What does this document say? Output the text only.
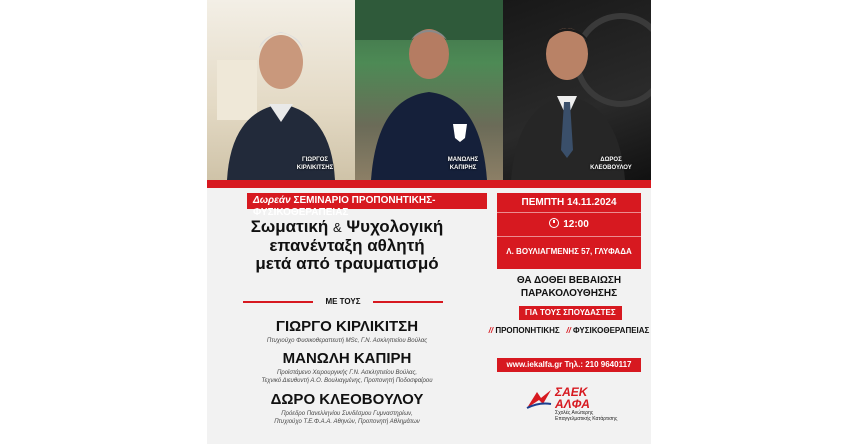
ΓΙΩΡΓΟΣ
ΚΙΡΛΙΚΙΤΣΗΣ
ΜΑΝΩΛΗΣ
ΚΑΠΙΡΗΣ
ΔΩΡΟΣ
ΚΛΕΟΒΟΥΛΟΥ
Δωρεάν ΣΕΜΙΝΑΡΙΟ ΠΡΟΠΟΝΗΤΙΚΗΣ-ΦΥΣΙΚΟΘΕΡΑΠΕΙΑΣ
Σωματική & Ψυχολογική
επανένταξη αθλητή
μετά από τραυματισμό
ΜΕ ΤΟΥΣ
ΓΙΩΡΓΟ ΚΙΡΛΙΚΙΤΣΗ
Πτυχιούχο Φυσικοθεραπευτή MSc, Γ.Ν. Ασκληπιείου Βούλας
ΜΑΝΩΛΗ ΚΑΠΙΡΗ
Προϊστάμενο Χειρουργικής Γ.Ν. Ασκληπιείου Βούλας,
Τεχνικό Διευθυντή Α.Ο. Βουλιαγμένης, Προπονητή Ποδοσφαίρου
ΔΩΡΟ ΚΛΕΟΒΟΥΛΟΥ
Πρόεδρο Πανελληνίου Συνδέσμου Γυμναστηρίων,
Πτυχιούχο Τ.Ε.Φ.Α.Α. Αθηνών, Προπονητή Αθλημάτων
ΠΕΜΠΤΗ 14.11.2024
12:00
Λ. ΒΟΥΛΙΑΓΜΕΝΗΣ 57, ΓΛΥΦΑΔΑ
ΘΑ ΔΟΘΕΙ ΒΕΒΑΙΩΣΗ
ΠΑΡΑΚΟΛΟΥΘΗΣΗΣ
ΓΙΑ ΤΟΥΣ ΣΠΟΥΔΑΣΤΕΣ
// ΠΡΟΠΟΝΗΤΙΚΗΣ // ΦΥΣΙΚΟΘΕΡΑΠΕΙΑΣ
www.iekalfa.gr Τηλ.: 210 9640117
ΣΑΕΚ
ΑΛΦΑ
Σχολές Ανώτερης
Επαγγελματικής Κατάρτισης
